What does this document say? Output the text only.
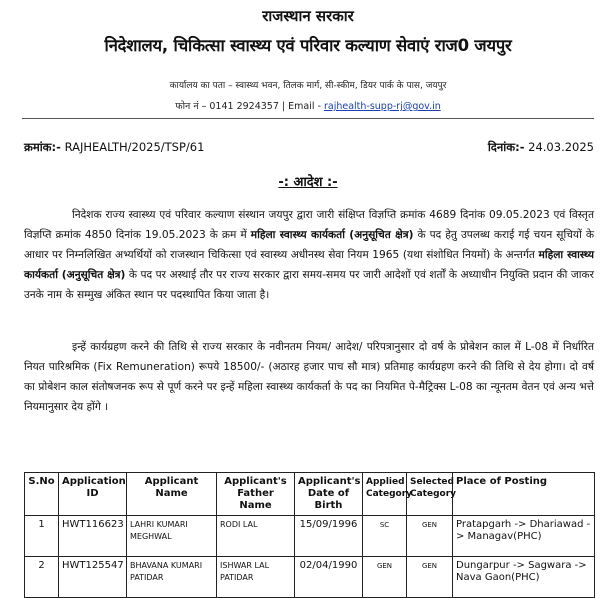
राजस्थान सरकार
निदेशालय, चिकित्सा स्वास्थ्य एवं परिवार कल्याण सेवाएं राज0 जयपुर
कार्यालय का पता – स्वास्थ्य भवन, तिलक मार्ग, सी-स्कीम, डियर पार्क के पास, जयपुर
फोन नं – 0141 2924357 | Email - rajhealth-supp-rj@gov.in
क्रमांक:- RAJHEALTH/2025/TSP/61	दिनांक:- 24.03.2025
-: आदेश :-
निदेशक राज्य स्वास्थ्य एवं परिवार कल्याण संस्थान जयपुर द्वारा जारी संक्षिप्त विज्ञप्ति क्रमांक 4689 दिनांक 09.05.2023 एवं विस्तृत विज्ञप्ति क्रमांक 4850 दिनांक 19.05.2023 के क्रम में महिला स्वास्थ्य कार्यकर्ता (अनुसूचित क्षेत्र) के पद हेतु उपलब्ध कराई गई चयन सूचियों के आधार पर निम्नलिखित अभ्यर्थियों को राजस्थान चिकित्सा एवं स्वास्थ्य अधीनस्थ सेवा नियम 1965 (यथा संशोधित नियमों) के अन्तर्गत महिला स्वास्थ्य कार्यकर्ता (अनुसूचित क्षेत्र) के पद पर अस्थाई तौर पर राज्य सरकार द्वारा समय-समय पर जारी आदेशों एवं शर्तों के अध्याधीन नियुक्ति प्रदान की जाकर उनके नाम के सम्मुख अंकित स्थान पर पदस्थापित किया जाता है।
इन्हें कार्यग्रहण करने की तिथि से राज्य सरकार के नवीनतम नियम/ आदेश/ परिपत्रानुसार दो वर्ष के प्रोबेशन काल में L-08 में निर्धारित नियत पारिश्रमिक (Fix Remuneration) रूपये 18500/- (अठारह हजार पाच सौ मात्र) प्रतिमाह कार्यग्रहण करने की तिथि से देय होगा। दो वर्ष का प्रोबेशन काल संतोषजनक रूप से पूर्ण करने पर इन्हें महिला स्वास्थ्य कार्यकर्ता के पद का नियमित पे-मैट्रिक्स L-08 का न्यूनतम वेतन एवं अन्य भत्ते नियमानुसार देय होंगे ।
S.No	Application ID	Applicant Name	Applicant's Father Name	Applicant's Date of Birth	Applied Category	Selected Category	Place of Posting
1	HWT116623	LAHRI KUMARI MEGHWAL	RODI LAL	15/09/1996	SC	GEN	Pratapgarh -> Dhariawad -> Managav(PHC)
2	HWT125547	BHAVANA KUMARI PATIDAR	ISHWAR LAL PATIDAR	02/04/1990	GEN	GEN	Dungarpur -> Sagwara -> Nava Gaon(PHC)
